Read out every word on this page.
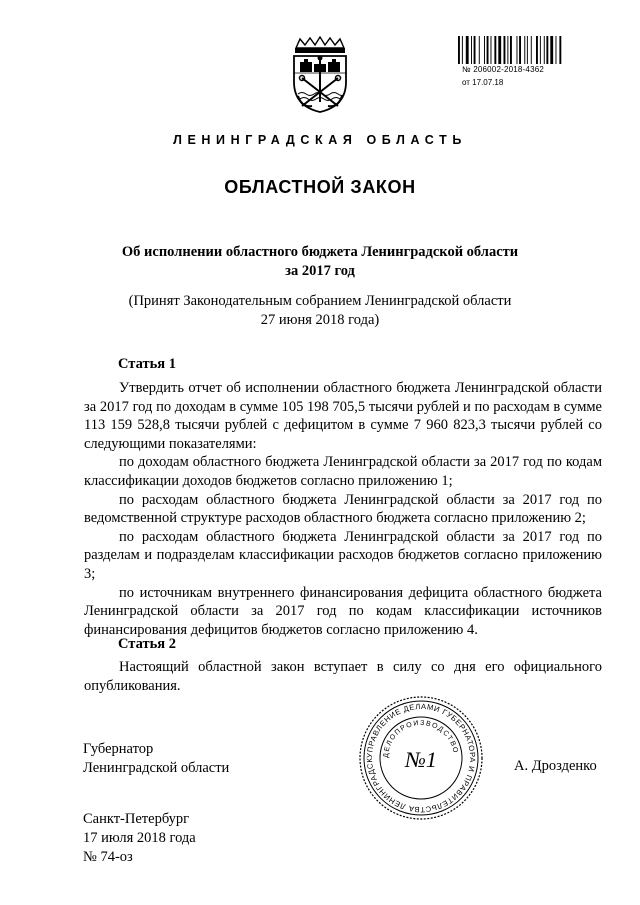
№ 206002-2018-4362
от 17.07.18
ЛЕНИНГРАДСКАЯ ОБЛАСТЬ
ОБЛАСТНОЙ ЗАКОН
Об исполнении областного бюджета Ленинградской области
за 2017 год
(Принят Законодательным собранием Ленинградской области
27 июня 2018 года)
Статья 1

Утвердить отчет об исполнении областного бюджета Ленинградской области за 2017 год по доходам в сумме 105 198 705,5 тысячи рублей и по расходам в сумме 113 159 528,8 тысячи рублей с дефицитом в сумме 7 960 823,3 тысячи рублей со следующими показателями:

по доходам областного бюджета Ленинградской области за 2017 год по кодам классификации доходов бюджетов согласно приложению 1;

по расходам областного бюджета Ленинградской области за 2017 год по ведомственной структуре расходов областного бюджета согласно приложению 2;

по расходам областного бюджета Ленинградской области за 2017 год по разделам и подразделам классификации расходов бюджетов согласно приложению 3;

по источникам внутреннего финансирования дефицита областного бюджета Ленинградской области за 2017 год по кодам классификации источников финансирования дефицитов бюджетов согласно приложению 4.

Статья 2

Настоящий областной закон вступает в силу со дня его официального опубликования.

Губернатор
Ленинградской области	А. Дрозденко
УПРАВЛЕНИЕ ДЕЛАМИ ГУБЕРНАТОРА И ПРАВИТЕЛЬСТВА ЛЕНИНГРАДСК
ДЕЛОПРОИЗВОДСТВО
№1
Санкт-Петербург
17 июля 2018 года
№ 74-оз
